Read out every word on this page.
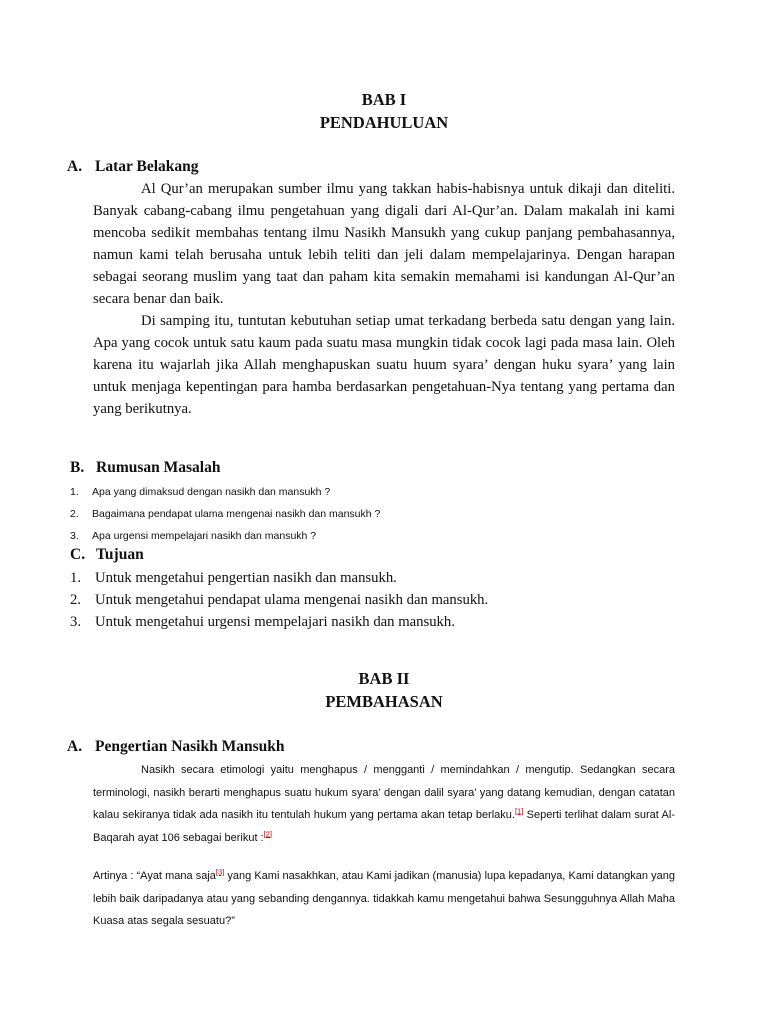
BAB I
PENDAHULUAN
A. Latar Belakang
Al Qur’an merupakan sumber ilmu yang takkan habis-habisnya untuk dikaji dan diteliti. Banyak cabang-cabang ilmu pengetahuan yang digali dari Al-Qur’an. Dalam makalah ini kami mencoba sedikit membahas tentang ilmu Nasikh Mansukh yang cukup panjang pembahasannya, namun kami telah berusaha untuk lebih teliti dan jeli dalam mempelajarinya. Dengan harapan sebagai seorang muslim yang taat dan paham kita semakin memahami isi kandungan Al-Qur’an secara benar dan baik.
Di samping itu, tuntutan kebutuhan setiap umat terkadang berbeda satu dengan yang lain. Apa yang cocok untuk satu kaum pada suatu masa mungkin tidak cocok lagi pada masa lain. Oleh karena itu wajarlah jika Allah menghapuskan suatu huum syara’ dengan huku syara’ yang lain untuk menjaga kepentingan para hamba berdasarkan pengetahuan-Nya tentang yang pertama dan yang berikutnya.
B. Rumusan Masalah
1. Apa yang dimaksud dengan nasikh dan mansukh ?
2. Bagaimana pendapat ulama mengenai nasikh dan mansukh ?
3. Apa urgensi mempelajari nasikh dan mansukh ?
C. Tujuan
1. Untuk mengetahui pengertian nasikh dan mansukh.
2. Untuk mengetahui pendapat ulama mengenai nasikh dan mansukh.
3. Untuk mengetahui urgensi mempelajari nasikh dan mansukh.
BAB II
PEMBAHASAN
A. Pengertian Nasikh Mansukh
Nasikh secara etimologi yaitu menghapus / mengganti / memindahkan / mengutip. Sedangkan secara terminologi, nasikh berarti menghapus suatu hukum syara’ dengan dalil syara’ yang datang kemudian, dengan catatan kalau sekiranya tidak ada nasikh itu tentulah hukum yang pertama akan tetap berlaku.[1] Seperti terlihat dalam surat Al-Baqarah ayat 106 sebagai berikut :[2]
Artinya : “Ayat mana saja[3] yang Kami nasakhkan, atau Kami jadikan (manusia) lupa kepadanya, Kami datangkan yang lebih baik daripadanya atau yang sebanding dengannya. tidakkah kamu mengetahui bahwa Sesungguhnya Allah Maha Kuasa atas segala sesuatu?”
